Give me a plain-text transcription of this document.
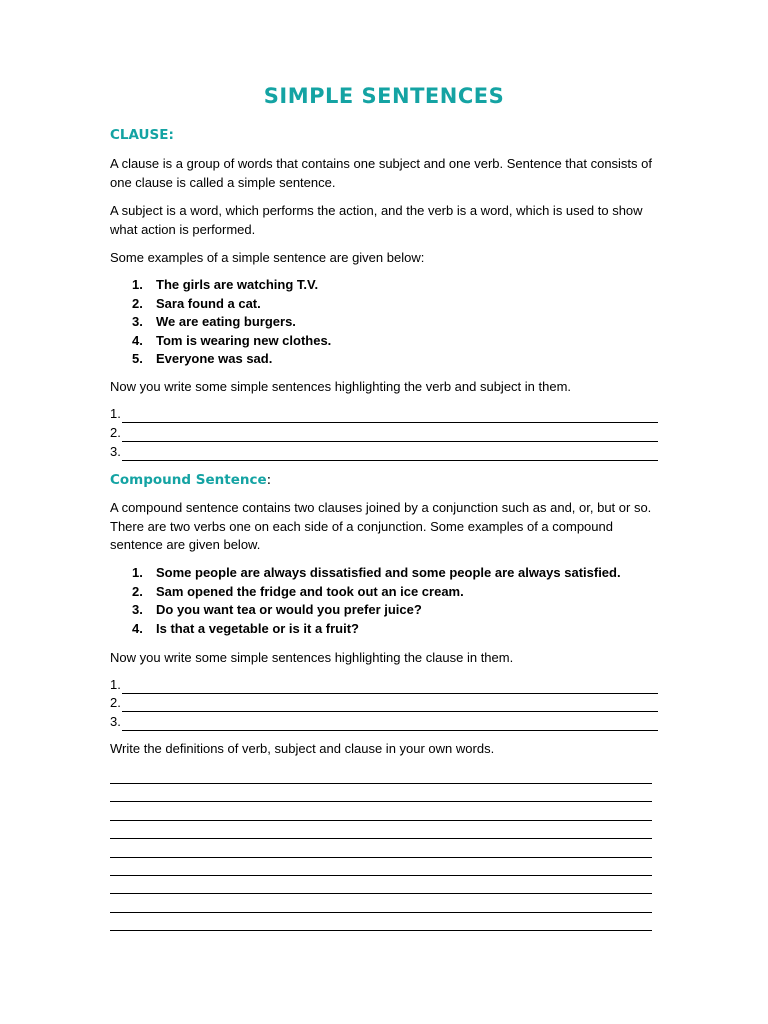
SIMPLE SENTENCES
CLAUSE:

A clause is a group of words that contains one subject and one verb. Sentence that consists of one clause is called a simple sentence.

A subject is a word, which performs the action, and the verb is a word, which is used to show what action is performed.

Some examples of a simple sentence are given below:

1.	The girls are watching T.V.
2.	Sara found a cat.
3.	We are eating burgers.
4.	Tom is wearing new clothes.
5.	Everyone was sad.

Now you write some simple sentences highlighting the verb and subject in them.

1.
2.
3.
Compound Sentence:

A compound sentence contains two clauses joined by a conjunction such as and, or, but or so. There are two verbs one on each side of a conjunction. Some examples of a compound sentence are given below.

1.	Some people are always dissatisfied and some people are always satisfied.
2.	Sam opened the fridge and took out an ice cream.
3.	Do you want tea or would you prefer juice?
4.	Is that a vegetable or is it a fruit?

Now you write some simple sentences highlighting the clause in them.

1.
2.
3.

Write the definitions of verb, subject and clause in your own words.
